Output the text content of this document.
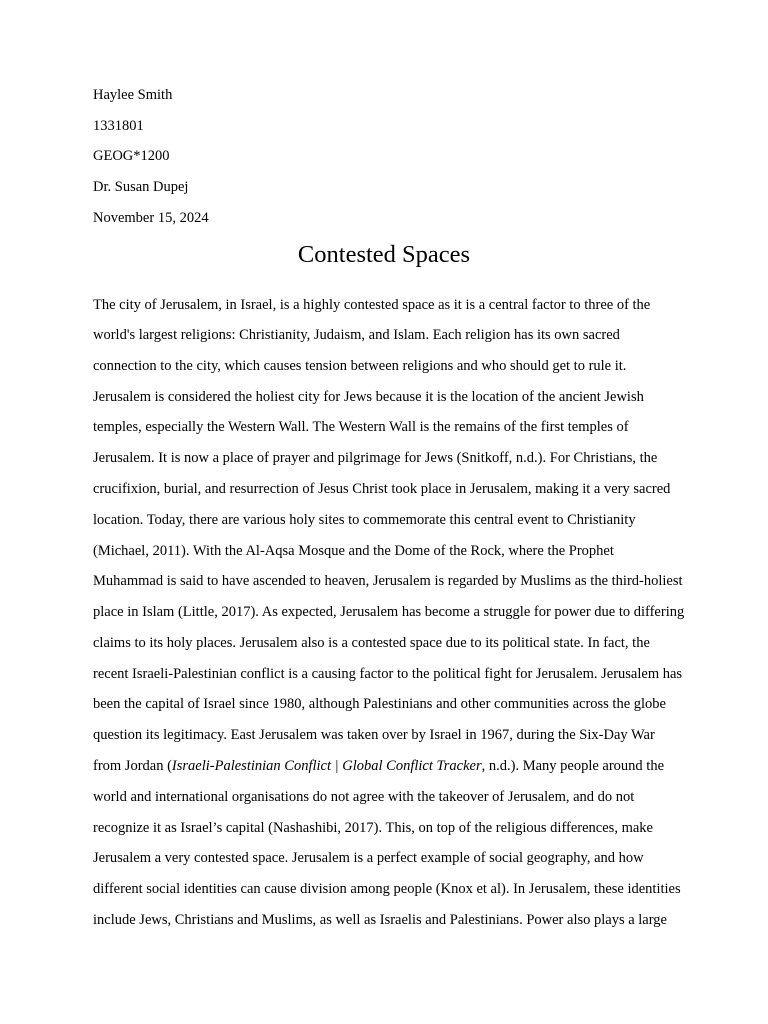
Haylee Smith
1331801
GEOG*1200
Dr. Susan Dupej
November 15, 2024
Contested Spaces
The city of Jerusalem, in Israel, is a highly contested space as it is a central factor to three of the
world's largest religions: Christianity, Judaism, and Islam. Each religion has its own sacred
connection to the city, which causes tension between religions and who should get to rule it.
Jerusalem is considered the holiest city for Jews because it is the location of the ancient Jewish
temples, especially the Western Wall. The Western Wall is the remains of the first temples of
Jerusalem. It is now a place of prayer and pilgrimage for Jews (Snitkoff, n.d.). For Christians, the
crucifixion, burial, and resurrection of Jesus Christ took place in Jerusalem, making it a very sacred
location. Today, there are various holy sites to commemorate this central event to Christianity
(Michael, 2011). With the Al-Aqsa Mosque and the Dome of the Rock, where the Prophet
Muhammad is said to have ascended to heaven, Jerusalem is regarded by Muslims as the third-holiest
place in Islam (Little, 2017). As expected, Jerusalem has become a struggle for power due to differing
claims to its holy places. Jerusalem also is a contested space due to its political state. In fact, the
recent Israeli-Palestinian conflict is a causing factor to the political fight for Jerusalem. Jerusalem has
been the capital of Israel since 1980, although Palestinians and other communities across the globe
question its legitimacy. East Jerusalem was taken over by Israel in 1967, during the Six-Day War
from Jordan (Israeli-Palestinian Conflict | Global Conflict Tracker, n.d.). Many people around the
world and international organisations do not agree with the takeover of Jerusalem, and do not
recognize it as Israel’s capital (Nashashibi, 2017). This, on top of the religious differences, make
Jerusalem a very contested space. Jerusalem is a perfect example of social geography, and how
different social identities can cause division among people (Knox et al). In Jerusalem, these identities
include Jews, Christians and Muslims, as well as Israelis and Palestinians. Power also plays a large
